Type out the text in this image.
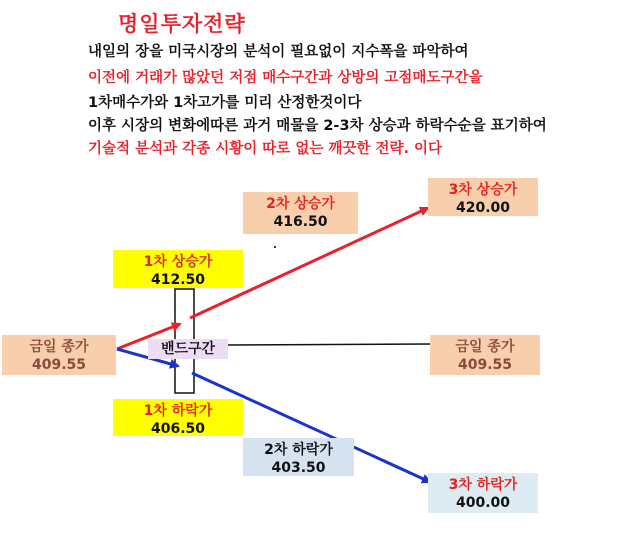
명일투자전략
내일의 장을 미국시장의 분석이 필요없이 지수폭을 파악하여
이전에 거래가 많았던 저점 매수구간과 상방의 고점매도구간을
1차매수가와 1차고가를 미리 산정한것이다
이후 시장의 변화에따른 과거 매물을 2-3차 상승과 하락수순을 표기하여
기술적 분석과 각종 시황이 따로 없는 깨끗한 전략. 이다
금일 종가
409.55
금일 종가
409.55
1차 상승가
412.50
2차 상승가
416.50
3차 상승가
420.00
1차 하락가
406.50
2차 하락가
403.50
3차 하락가
400.00
밴드구간
